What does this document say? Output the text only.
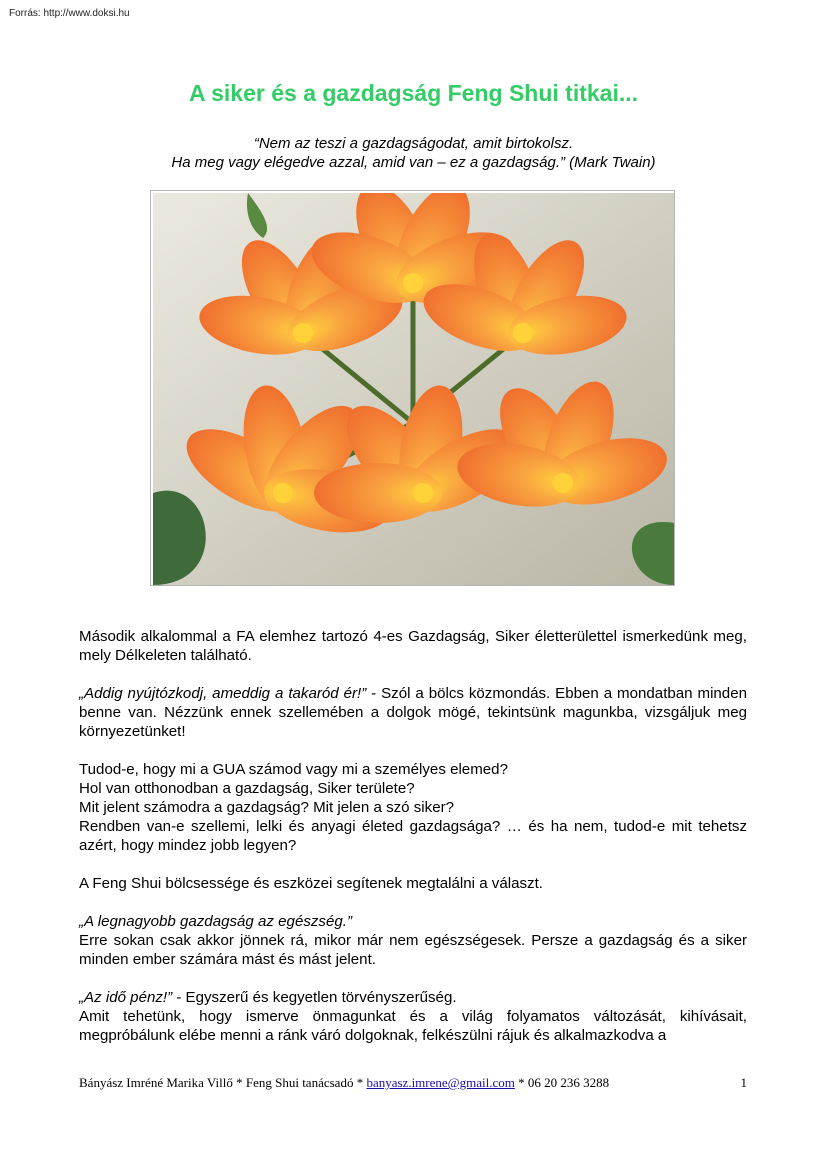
Forrás: http://www.doksi.hu
A siker és a gazdagság Feng Shui titkai...
“Nem az teszi a gazdagságodat, amit birtokolsz.
Ha meg vagy elégedve azzal, amid van – ez a gazdagság.” (Mark Twain)

Második alkalommal a FA elemhez tartozó 4-es Gazdagság, Siker életterülettel ismerkedünk meg, mely Délkeleten található.

„Addig nyújtózkodj, ameddig a takaród ér!” - Szól a bölcs közmondás. Ebben a mondatban minden benne van. Nézzünk ennek szellemében a dolgok mögé, tekintsünk magunkba, vizsgáljuk meg környezetünket!

Tudod-e, hogy mi a GUA számod vagy mi a személyes elemed?

Hol van otthonodban a gazdagság, Siker területe?

Mit jelent számodra a gazdagság? Mit jelen a szó siker?

Rendben van-e szellemi, lelki és anyagi életed gazdagsága? … és ha nem, tudod-e mit tehetsz azért, hogy mindez jobb legyen?

A Feng Shui bölcsessége és eszközei segítenek megtalálni a választ.

„A legnagyobb gazdagság az egészség.”
Erre sokan csak akkor jönnek rá, mikor már nem egészségesek. Persze a gazdagság és a siker minden ember számára mást és mást jelent.

„Az idő pénz!” - Egyszerű és kegyetlen törvényszerűség.

Amit tehetünk, hogy ismerve önmagunkat és a világ folyamatos változását, kihívásait, megpróbálunk elébe menni a ránk váró dolgoknak, felkészülni rájuk és alkalmazkodva a

Bányász Imréné Marika Villő * Feng Shui tanácsadó * banyasz.imrene@gmail.com * 06 20 236 3288	1
